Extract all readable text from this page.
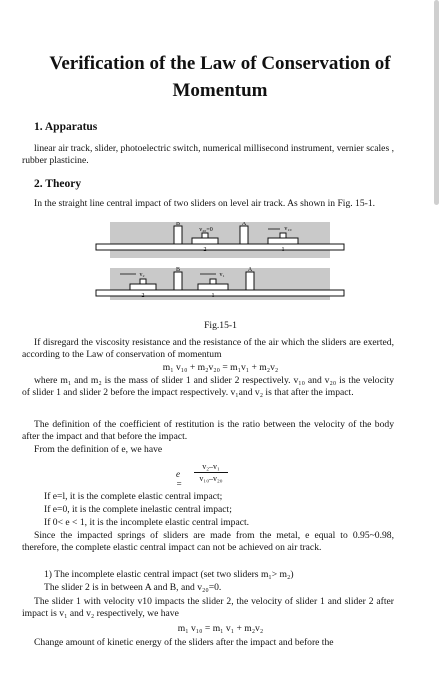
Verification of the Law of Conservation of Momentum

1. Apparatus

linear air track, slider, photoelectric switch, numerical millisecond instrument, vernier scales , rubber plasticine.

2. Theory

In the straight line central impact of two sliders on level air track. As shown in Fig. 15-1.

B
2
v₂₀=0
A
1
v₁₀
v₂
2
B
v₁
1
A

Fig.15-1

If disregard the viscosity resistance and the resistance of the air which the sliders are exerted, according to the Law of conservation of momentum

m₁ v₁₀ + m₂v₂₀ = m₁v₁ + m₂v₂

where m₁ and m₂ is the mass of slider 1 and slider 2 respectively. v₁₀ and v₂₀ is the velocity of slider 1 and slider 2 before the impact respectively. v₁and v₂ is that after the impact.

The definition of the coefficient of restitution is the ratio between the velocity of the body after the impact and that before the impact.

From the definition of e, we have

e =
v₂–v₁
v₁₀–v₂₀

If e=l, it is the complete elastic central impact;

If e=0, it is the complete inelastic central impact;

If 0< e < 1, it is the incomplete elastic central impact.

Since the impacted springs of sliders are made from the metal, e equal to 0.95~0.98, therefore, the complete elastic central impact can not be achieved on air track.

1) The incomplete elastic central impact (set two sliders m₁> m₂)

The slider 2 is in between A and B, and v₂₀=0.

The slider 1 with velocity v10 impacts the slider 2, the velocity of slider 1 and slider 2 after impact is v₁ and v₂ respectively, we have

m₁ v₁₀ = m₁ v₁ + m₂v₂

Change amount of kinetic energy of the sliders after the impact and before the
